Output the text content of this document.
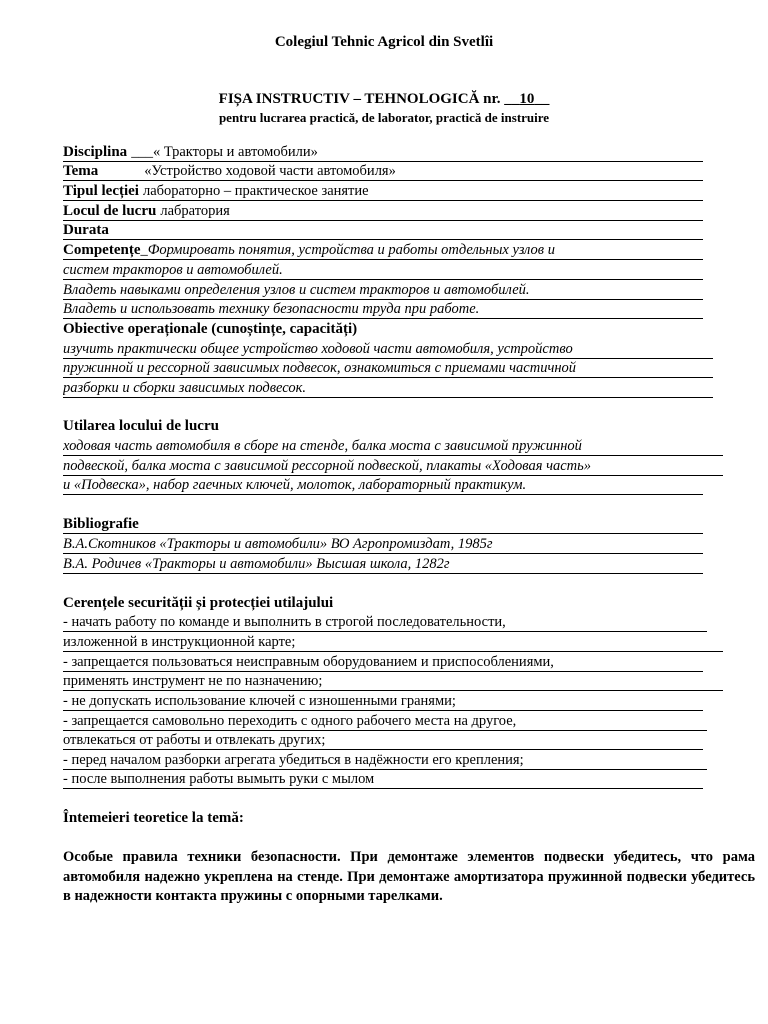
Colegiul Tehnic Agricol din Svetlîi
FIȘA INSTRUCTIV – TEHNOLOGICĂ nr. __10__
pentru lucrarea practică, de laborator, practică de instruire
Disciplina ___« Тракторы и автомобили»
Tema	«Устройство ходовой части автомобиля»
Tipul lecției лабораторно – практическое занятие
Locul de lucru лабратория
Durata
Competențe_Формировать понятия, устройства и работы отдельных узлов и
систем тракторов и автомобилей.
Владеть навыками определения узлов и систем тракторов и автомобилей.
Владеть и использовать технику безопасности труда при работе.
Obiective operaționale (cunoștințe, capacități)
изучить практически общее устройство ходовой части автомобиля, устройство
пружинной и рессорной зависимых подвесок, ознакомиться с приемами частичной
разборки и сборки зависимых подвесок.
Utilarea locului de lucru
ходовая часть автомобиля в сборе на стенде, балка моста с зависимой пружинной
подвеской, балка моста с зависимой рессорной подвеской, плакаты «Ходовая часть»
и «Подвеска», набор гаечных ключей, молоток, лабораторный практикум.
Bibliografie
В.А.Скотников «Тракторы и автомобили» ВО Агропромиздат, 1985г
В.А. Родичев «Тракторы и автомобили» Высшая школа, 1282г
Cerențele securității și protecției utilajului
- начать работу по команде и выполнить в строгой последовательности,
изложенной в инструкционной карте;
- запрещается пользоваться неисправным оборудованием и приспособлениями,
применять инструмент не по назначению;
- не допускать использование ключей с изношенными гранями;
- запрещается самовольно переходить с одного рабочего места на другое,
отвлекаться от работы и отвлекать других;
- перед началом разборки агрегата убедиться в надёжности его крепления;
- после выполнения работы вымыть руки с мылом
Întemeieri teoretice la temă:
Особые правила техники безопасности. При демонтаже элементов подвески убедитесь, что рама автомобиля надежно укреплена на стенде. При демонтаже амортизатора пружинной подвески убедитесь в надежности контакта пружины с опорными тарелками.
